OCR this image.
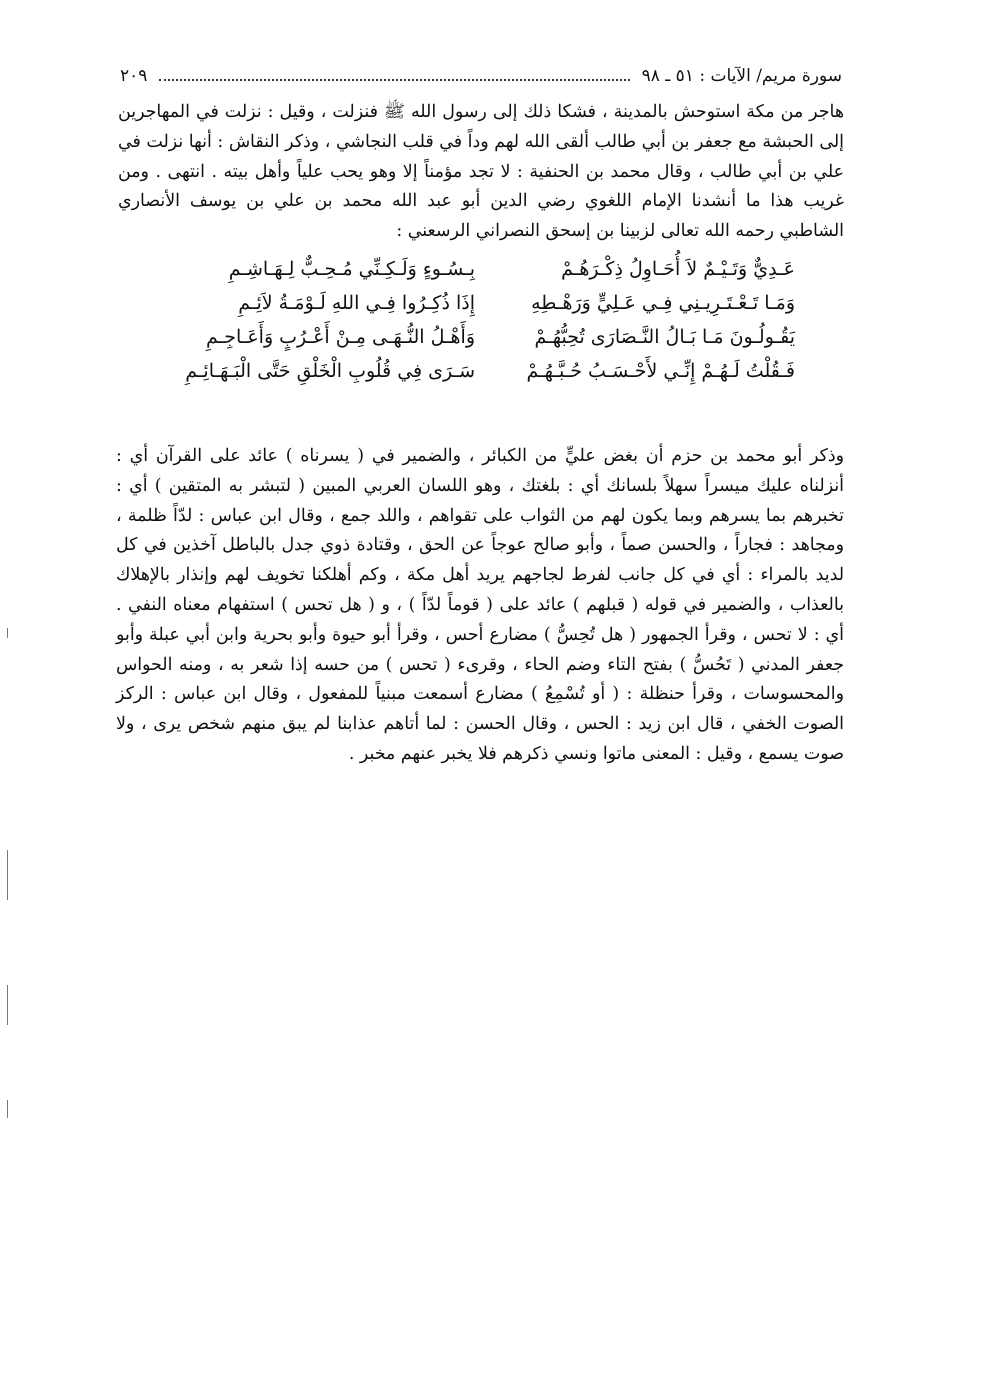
سورة مريم/ الآيات : ٥١ ـ ٩٨
٢٠٩

هاجر من مكة استوحش بالمدينة ، فشكا ذلك إلى رسول الله ﷺ فنزلت ، وقيل : نزلت في المهاجرين إلى الحبشة مع جعفر بن أبي طالب ألقى الله لهم وداً في قلب النجاشي ، وذكر النقاش : أنها نزلت في علي بن أبي طالب ، وقال محمد بن الحنفية : لا تجد مؤمناً إلا وهو يحب علياً وأهل بيته . انتهى . ومن غريب هذا ما أنشدنا الإمام اللغوي رضي الدين أبو عبد الله محمد بن علي بن يوسف الأنصاري الشاطبي رحمه الله تعالى لزبينا بن إسحق النصراني الرسعني :

عَـدِيٌّ وَتَـيْـمٌ لاَ أُحَـاوِلُ ذِكْـرَهُـمْ
بِـسُـوءٍ وَلَـكِـنِّي مُـحِـبٌّ لِـهَـاشِـمِ
وَمَـا تَـعْـتَـرِيـنِي فِـي عَـلِيٍّ وَرَهْـطِهِ
إِذَا ذُكِـرُوا فِـي اللهِ لَـوْمَـةُ لاَئِـمِ
يَقُـولُـونَ مَـا بَـالُ النَّـصَارَى تُحِبُّهُـمْ
وَأَهْـلُ النُّـهَـى مِـنْ أَعْـرُبٍ وَأَعَـاجِـمِ
فَـقُلْتُ لَـهُـمْ إِنِّـي لأَحْـسَـبُ حُـبَّـهُـمْ
سَـرَى فِي قُلُوبِ الْخَلْقِ حَتَّى الْبَـهَـائِـمِ

وذكر أبو محمد بن حزم أن بغض عليٍّ من الكبائر ، والضمير في ( يسرناه ) عائد على القرآن أي : أنزلناه عليك ميسراً سهلاً بلسانك أي : بلغتك ، وهو اللسان العربي المبين ( لتبشر به المتقين ) أي : تخبرهم بما يسرهم وبما يكون لهم من الثواب على تقواهم ، واللد جمع ، وقال ابن عباس : لدّاً ظلمة ، ومجاهد : فجاراً ، والحسن صماً ، وأبو صالح عوجاً عن الحق ، وقتادة ذوي جدل بالباطل آخذين في كل لديد بالمراء : أي في كل جانب لفرط لجاجهم يريد أهل مكة ، وكم أهلكنا تخويف لهم وإنذار بالإهلاك بالعذاب ، والضمير في قوله ( قبلهم ) عائد على ( قوماً لدّاً ) ، و ( هل تحس ) استفهام معناه النفي . أي : لا تحس ، وقرأ الجمهور ( هل تُحِسُّ ) مضارع أحس ، وقرأ أبو حيوة وأبو بحرية وابن أبي عبلة وأبو جعفر المدني ( تَحُسُّ ) بفتح التاء وضم الحاء ، وقرىء ( تحس ) من حسه إذا شعر به ، ومنه الحواس والمحسوسات ، وقرأ حنظلة : ( أو تُسْمِعُ ) مضارع أسمعت مبنياً للمفعول ، وقال ابن عباس : الركز الصوت الخفي ، قال ابن زيد : الحس ، وقال الحسن : لما أتاهم عذابنا لم يبق منهم شخص يرى ، ولا صوت يسمع ، وقيل : المعنى ماتوا ونسي ذكرهم فلا يخبر عنهم مخبر .
